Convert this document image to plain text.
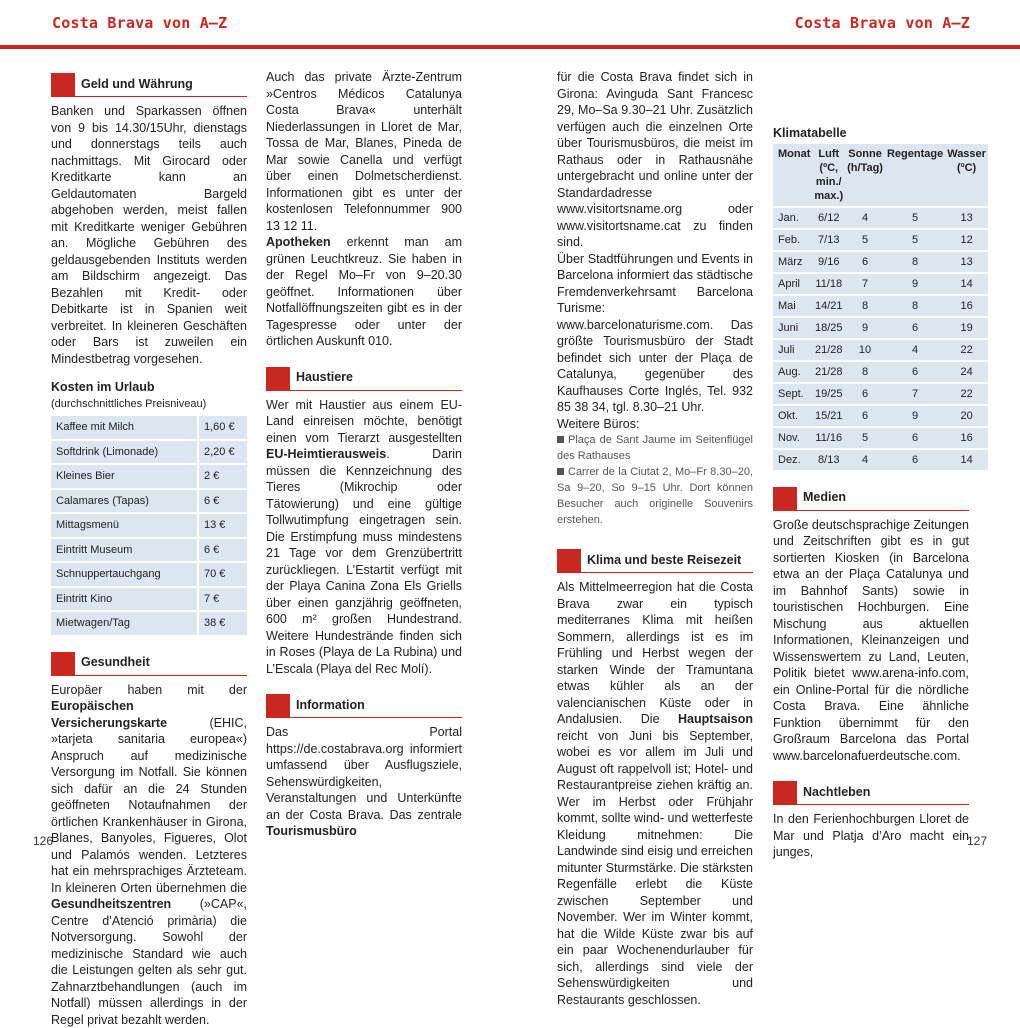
Costa Brava von A–Z	Costa Brava von A–Z
Geld und Währung

Banken und Sparkassen öffnen von 9 bis 14.30/15Uhr, dienstags und donnerstags teils auch nachmittags. Mit Girocard oder Kreditkarte kann an Geldautomaten Bargeld abgehoben werden, meist fallen mit Kreditkarte weniger Gebühren an. Mögliche Gebühren des geldausgebenden Instituts werden am Bildschirm angezeigt. Das Bezahlen mit Kredit- oder Debitkarte ist in Spanien weit verbreitet. In kleineren Geschäften oder Bars ist zuweilen ein Mindestbetrag vorgesehen.

Kosten im Urlaub
(durchschnittliches Preisniveau)
Kaffee mit Milch	1,60 €
Softdrink (Limonade)	2,20 €
Kleines Bier	2 €
Calamares (Tapas)	6 €
Mittagsmenü	13 €
Eintritt Museum	6 €
Schnuppertauchgang	70 €
Eintritt Kino	7 €
Mietwagen/Tag	38 €
Gesundheit

Europäer haben mit der Europäischen Versicherungskarte (EHIC, »tarjeta sanitaria europea«) Anspruch auf medizinische Versorgung im Notfall. Sie können sich dafür an die 24 Stunden geöffneten Notaufnahmen der örtlichen Krankenhäuser in Girona, Blanes, Banyoles, Figueres, Olot und Palamós wenden. Letzteres hat ein mehrsprachiges Ärzteteam. In kleineren Orten übernehmen die Gesundheitszentren (»CAP«, Centre d’Atenció primària) die Notversorgung. Sowohl der medizinische Standard wie auch die Leistungen gelten als sehr gut. Zahnarztbehandlungen (auch im Notfall) müssen allerdings in der Regel privat bezahlt werden.

Auch das private Ärzte-Zentrum »Centros Médicos Catalunya Costa Brava« unterhält Niederlassungen in Lloret de Mar, Tossa de Mar, Blanes, Pineda de Mar sowie Canella und verfügt über einen Dolmetscherdienst. Informationen gibt es unter der kostenlosen Telefonnummer 900 13 12 11.

Apotheken erkennt man am grünen Leuchtkreuz. Sie haben in der Regel Mo–Fr von 9–20.30 geöffnet. Informationen über Notfallöffnungszeiten gibt es in der Tagespresse oder unter der örtlichen Auskunft 010.

Haustiere

Wer mit Haustier aus einem EU-Land einreisen möchte, benötigt einen vom Tierarzt ausgestellten EU-Heimtierausweis. Darin müssen die Kennzeichnung des Tieres (Mikrochip oder Tätowierung) und eine gültige Tollwutimpfung eingetragen sein. Die Erstimpfung muss mindestens 21 Tage vor dem Grenzübertritt zurückliegen. L’Estartit verfügt mit der Playa Canina Zona Els Griells über einen ganzjährig geöffneten, 600 m² großen Hundestrand. Weitere Hundestrände finden sich in Roses (Playa de La Rubina) und L’Escala (Playa del Rec Molí).

Information

Das Portal https://de.costabrava.org informiert umfassend über Ausflugsziele, Sehenswürdigkeiten, Veranstaltungen und Unterkünfte an der Costa Brava. Das zentrale Tourismusbüro

für die Costa Brava findet sich in Girona: Avinguda Sant Francesc 29, Mo–Sa 9.30–21 Uhr. Zusätzlich verfügen auch die einzelnen Orte über Tourismusbüros, die meist im Rathaus oder in Rathausnähe untergebracht und online unter der Standardadresse www.visitortsname.org oder www.visitortsname.cat zu finden sind.

Über Stadtführungen und Events in Barcelona informiert das städtische Fremdenverkehrsamt Barcelona Turisme: www.barcelonaturisme.com. Das größte Tourismusbüro der Stadt befindet sich unter der Plaça de Catalunya, gegenüber des Kaufhauses Corte Inglés, Tel. 932 85 38 34, tgl. 8.30–21 Uhr.

Weitere Büros:

Plaça de Sant Jaume im Seitenflügel des Rathauses
Carrer de la Ciutat 2, Mo–Fr 8.30–20, Sa 9–20, So 9–15 Uhr. Dort können Besucher auch originelle Souvenirs erstehen.
Klima und beste Reisezeit

Als Mittelmeerregion hat die Costa Brava zwar ein typisch mediterranes Klima mit heißen Sommern, allerdings ist es im Frühling und Herbst wegen der starken Winde der Tramuntana etwas kühler als an der valencianischen Küste oder in Andalusien. Die Hauptsaison reicht von Juni bis September, wobei es vor allem im Juli und August oft rappelvoll ist; Hotel- und Restaurantpreise ziehen kräftig an. Wer im Herbst oder Frühjahr kommt, sollte wind- und wetterfeste Kleidung mitnehmen: Die Landwinde sind eisig und erreichen mitunter Sturmstärke. Die stärksten Regenfälle erlebt die Küste zwischen September und November. Wer im Winter kommt, hat die Wilde Küste zwar bis auf ein paar Wochenendurlauber für sich, allerdings sind viele der Sehenswürdigkeiten und Restaurants geschlossen.

Klimatabelle
Monat	Luft (ºC, min./ max.)	Sonne (h/Tag)	Regentage	Wasser (ºC)
Jan.	6/12	4	5	13
Feb.	7/13	5	5	12
März	9/16	6	8	13
April	11/18	7	9	14
Mai	14/21	8	8	16
Juni	18/25	9	6	19
Juli	21/28	10	4	22
Aug.	21/28	8	6	24
Sept.	19/25	6	7	22
Okt.	15/21	6	9	20
Nov.	11/16	5	6	16
Dez.	8/13	4	6	14
Medien

Große deutschsprachige Zeitungen und Zeitschriften gibt es in gut sortierten Kiosken (in Barcelona etwa an der Plaça Catalunya und im Bahnhof Sants) sowie in touristischen Hochburgen. Eine Mischung aus aktuellen Informationen, Kleinanzeigen und Wissenswertem zu Land, Leuten, Politik bietet www.arena-info.com, ein Online-Portal für die nördliche Costa Brava. Eine ähnliche Funktion übernimmt für den Großraum Barcelona das Portal www.barcelonafuerdeutsche.com.

Nachtleben

In den Ferienhochburgen Lloret de Mar und Platja d’Aro macht ein junges,

126	127
